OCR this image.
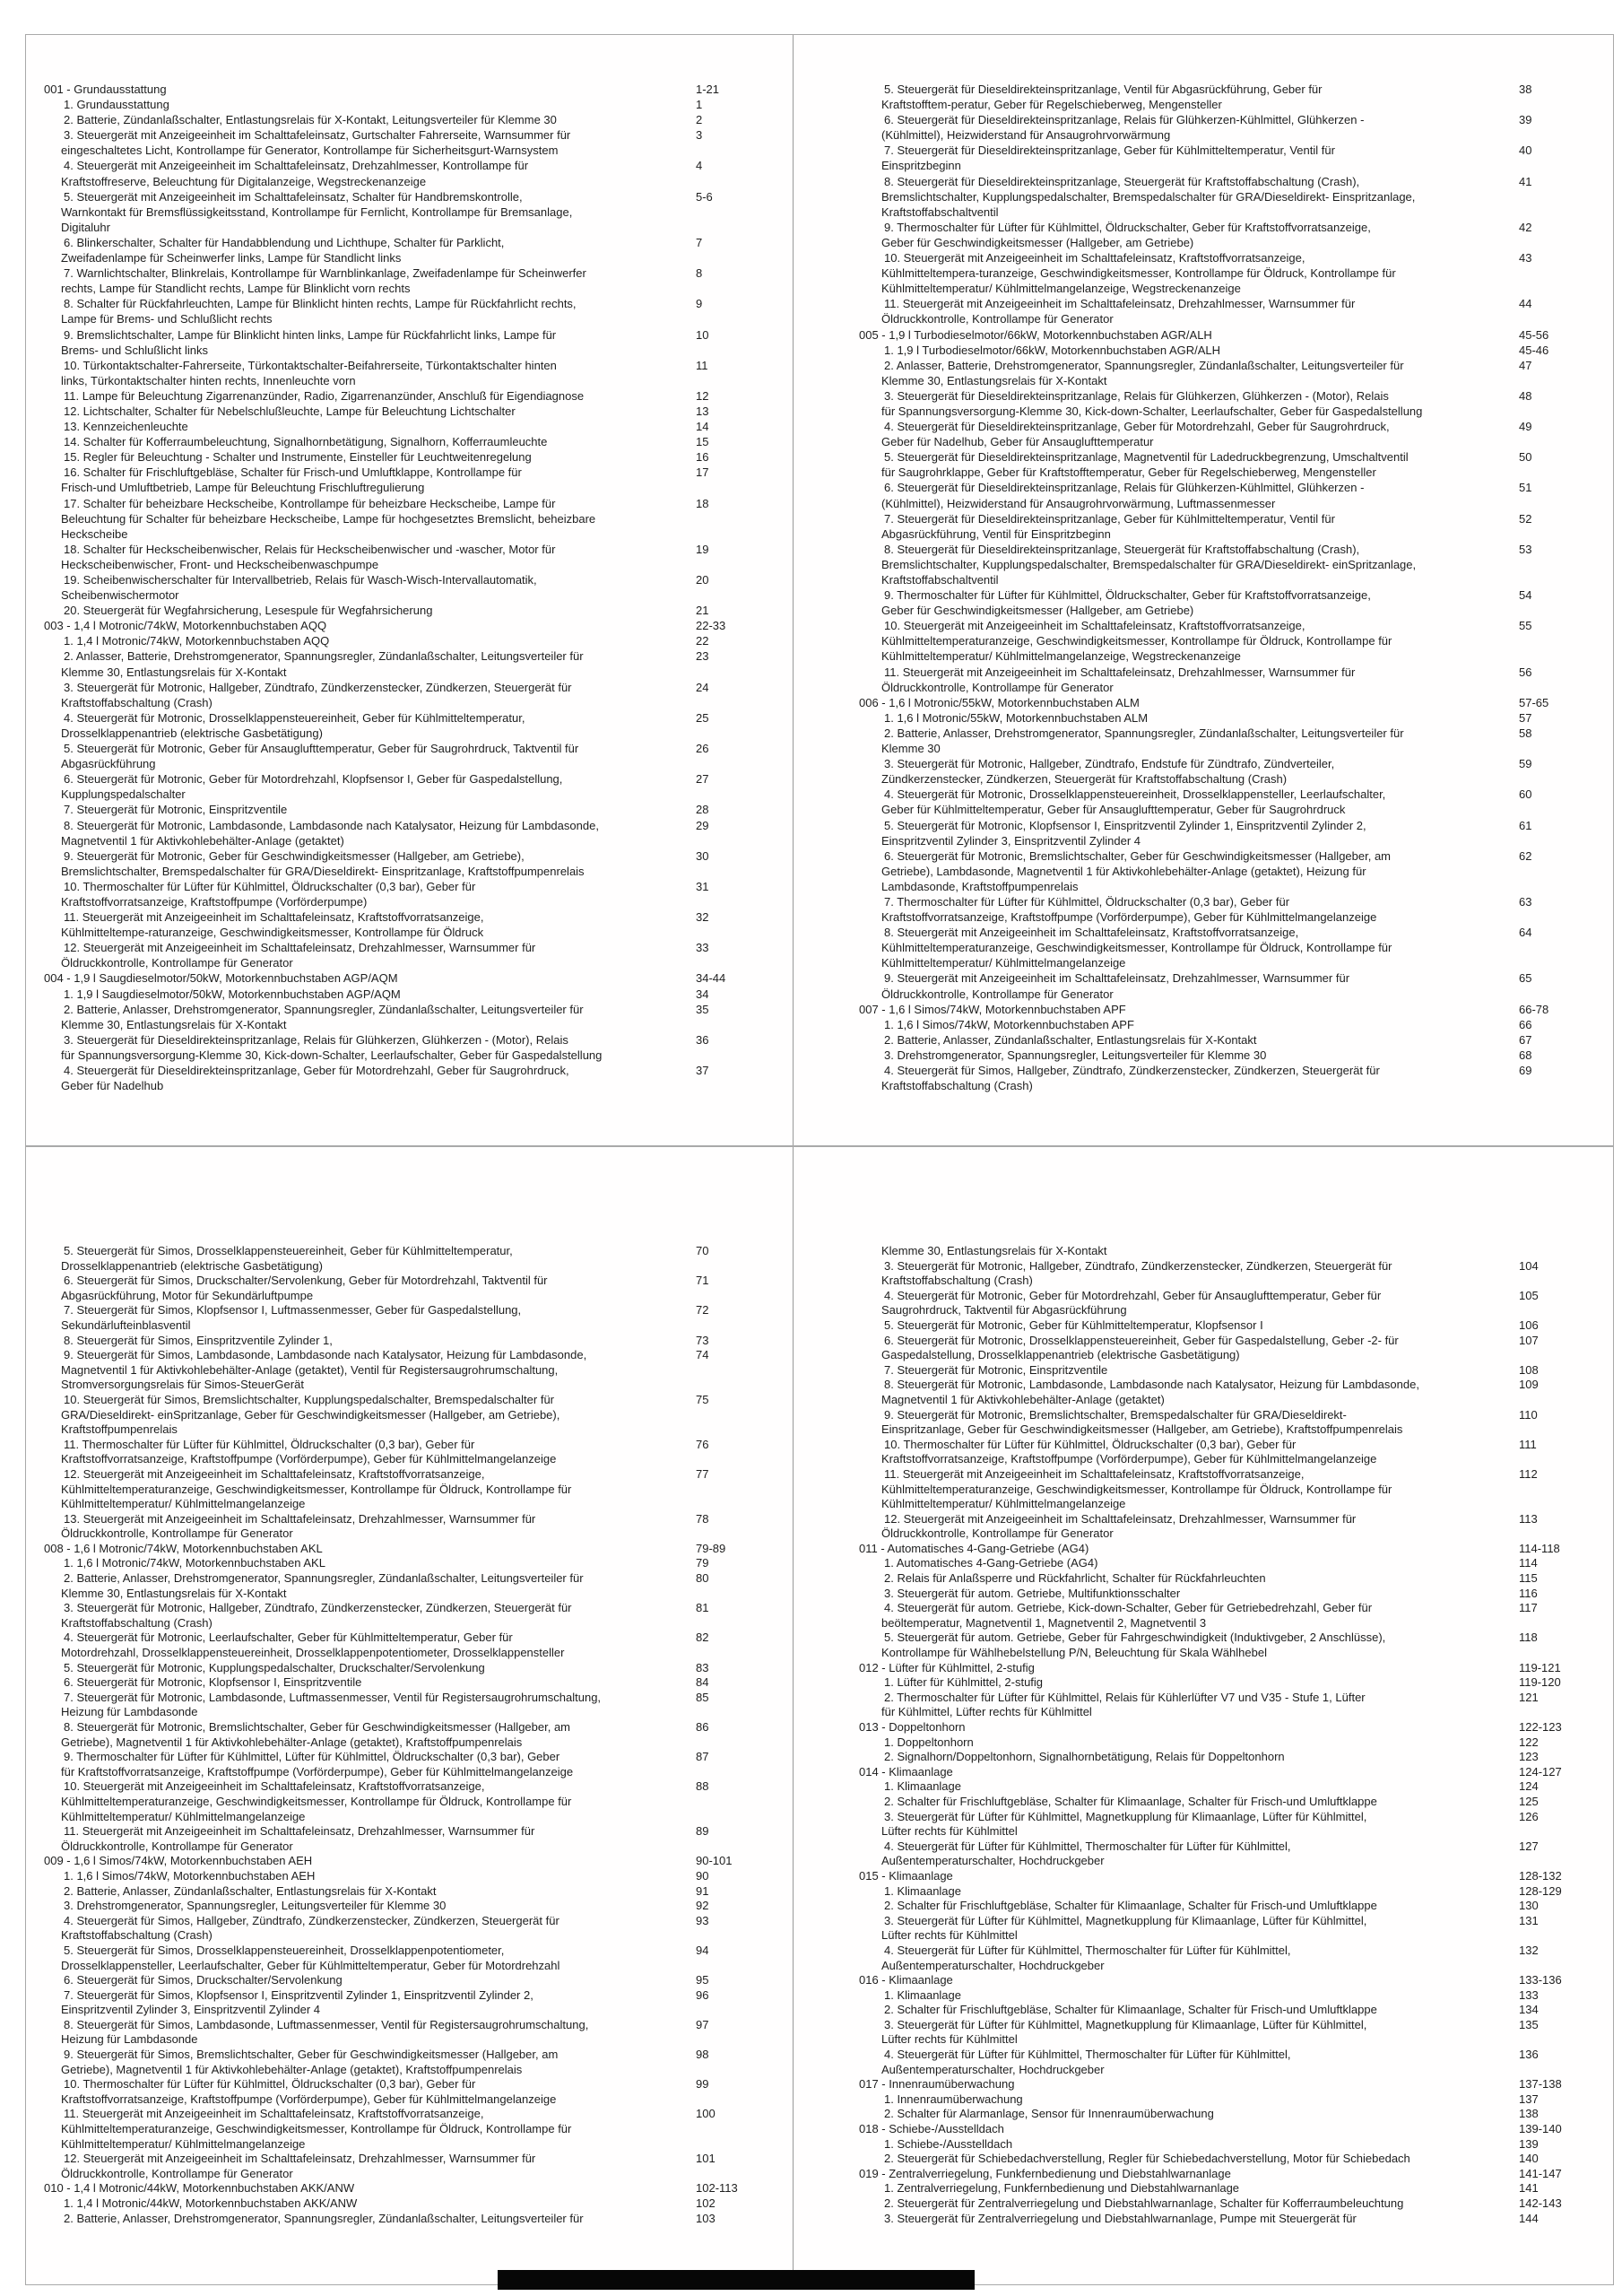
001 - Grundausstattung	1-21
1. Grundausstattung	1
2. Batterie, Zündanlaßschalter, Entlastungsrelais für X-Kontakt, Leitungsverteiler für Klemme 30	2
3. Steuergerät mit Anzeigeeinheit im Schalttafeleinsatz, Gurtschalter Fahrerseite, Warnsummer für	3
eingeschaltetes Licht, Kontrollampe für Generator, Kontrollampe für Sicherheitsgurt-Warnsystem
4. Steuergerät mit Anzeigeeinheit im Schalttafeleinsatz, Drehzahlmesser, Kontrollampe für	4
Kraftstoffreserve, Beleuchtung für Digitalanzeige, Wegstreckenanzeige
5. Steuergerät mit Anzeigeeinheit im Schalttafeleinsatz, Schalter für Handbremskontrolle,	5-6
Warnkontakt für Bremsflüssigkeitsstand, Kontrollampe für Fernlicht, Kontrollampe für Bremsanlage,
Digitaluhr
6. Blinkerschalter, Schalter für Handabblendung und Lichthupe, Schalter für Parklicht,	7
Zweifadenlampe für Scheinwerfer links, Lampe für Standlicht links
7. Warnlichtschalter, Blinkrelais, Kontrollampe für Warnblinkanlage, Zweifadenlampe für Scheinwerfer	8
rechts, Lampe für Standlicht rechts, Lampe für Blinklicht vorn rechts
8. Schalter für Rückfahrleuchten, Lampe für Blinklicht hinten rechts, Lampe für Rückfahrlicht rechts,	9
Lampe für Brems- und Schlußlicht rechts
9. Bremslichtschalter, Lampe für Blinklicht hinten links, Lampe für Rückfahrlicht links, Lampe für	10
Brems- und Schlußlicht links
10. Türkontaktschalter-Fahrerseite, Türkontaktschalter-Beifahrerseite, Türkontaktschalter hinten	11
links, Türkontaktschalter hinten rechts, Innenleuchte vorn
11. Lampe für Beleuchtung Zigarrenanzünder, Radio, Zigarrenanzünder, Anschluß für Eigendiagnose	12
12. Lichtschalter, Schalter für Nebelschlußleuchte, Lampe für Beleuchtung Lichtschalter	13
13. Kennzeichenleuchte	14
14. Schalter für Kofferraumbeleuchtung, Signalhornbetätigung, Signalhorn, Kofferraumleuchte	15
15. Regler für Beleuchtung - Schalter und Instrumente, Einsteller für Leuchtweitenregelung	16
16. Schalter für Frischluftgebläse, Schalter für Frisch-und Umluftklappe, Kontrollampe für	17
Frisch-und Umluftbetrieb, Lampe für Beleuchtung Frischluftregulierung
17. Schalter für beheizbare Heckscheibe, Kontrollampe für beheizbare Heckscheibe, Lampe für	18
Beleuchtung für Schalter für beheizbare Heckscheibe, Lampe für hochgesetztes Bremslicht, beheizbare
Heckscheibe
18. Schalter für Heckscheibenwischer, Relais für Heckscheibenwischer und -wascher, Motor für	19
Heckscheibenwischer, Front- und Heckscheibenwaschpumpe
19. Scheibenwischerschalter für Intervallbetrieb, Relais für Wasch-Wisch-Intervallautomatik,	20
Scheibenwischermotor
20. Steuergerät für Wegfahrsicherung, Lesespule für Wegfahrsicherung	21
003 - 1,4 l Motronic/74kW, Motorkennbuchstaben AQQ	22-33
1. 1,4 l Motronic/74kW, Motorkennbuchstaben AQQ	22
2. Anlasser, Batterie, Drehstromgenerator, Spannungsregler, Zündanlaßschalter, Leitungsverteiler für	23
Klemme 30, Entlastungsrelais für X-Kontakt
3. Steuergerät für Motronic, Hallgeber, Zündtrafo, Zündkerzenstecker, Zündkerzen, Steuergerät für	24
Kraftstoffabschaltung (Crash)
4. Steuergerät für Motronic, Drosselklappensteuereinheit, Geber für Kühlmitteltemperatur,	25
Drosselklappenantrieb (elektrische Gasbetätigung)
5. Steuergerät für Motronic, Geber für Ansauglufttemperatur, Geber für Saugrohrdruck, Taktventil für	26
Abgasrückführung
6. Steuergerät für Motronic, Geber für Motordrehzahl, Klopfsensor I, Geber für Gaspedalstellung,	27
Kupplungspedalschalter
7. Steuergerät für Motronic, Einspritzventile	28
8. Steuergerät für Motronic, Lambdasonde, Lambdasonde nach Katalysator, Heizung für Lambdasonde,	29
Magnetventil 1 für Aktivkohlebehälter-Anlage (getaktet)
9. Steuergerät für Motronic, Geber für Geschwindigkeitsmesser (Hallgeber, am Getriebe),	30
Bremslichtschalter, Bremspedalschalter für GRA/Dieseldirekt- Einspritzanlage, Kraftstoffpumpenrelais
10. Thermoschalter für Lüfter für Kühlmittel, Öldruckschalter (0,3 bar), Geber für	31
Kraftstoffvorratsanzeige, Kraftstoffpumpe (Vorförderpumpe)
11. Steuergerät mit Anzeigeeinheit im Schalttafeleinsatz, Kraftstoffvorratsanzeige,	32
Kühlmitteltempe-raturanzeige, Geschwindigkeitsmesser, Kontrollampe für Öldruck
12. Steuergerät mit Anzeigeeinheit im Schalttafeleinsatz, Drehzahlmesser, Warnsummer für	33
Öldruckkontrolle, Kontrollampe für Generator
004 - 1,9 l Saugdieselmotor/50kW, Motorkennbuchstaben AGP/AQM	34-44
1. 1,9 l Saugdieselmotor/50kW, Motorkennbuchstaben AGP/AQM	34
2. Batterie, Anlasser, Drehstromgenerator, Spannungsregler, Zündanlaßschalter, Leitungsverteiler für	35
Klemme 30, Entlastungsrelais für X-Kontakt
3. Steuergerät für Dieseldirekteinspritzanlage, Relais für Glühkerzen, Glühkerzen - (Motor), Relais	36
für Spannungsversorgung-Klemme 30, Kick-down-Schalter, Leerlaufschalter, Geber für Gaspedalstellung
4. Steuergerät für Dieseldirekteinspritzanlage, Geber für Motordrehzahl, Geber für Saugrohrdruck,	37
Geber für Nadelhub
5. Steuergerät für Dieseldirekteinspritzanlage, Ventil für Abgasrückführung, Geber für	38
Kraftstofftem-peratur, Geber für Regelschieberweg, Mengensteller
6. Steuergerät für Dieseldirekteinspritzanlage, Relais für Glühkerzen-Kühlmittel, Glühkerzen -	39
(Kühlmittel), Heizwiderstand für Ansaugrohrvorwärmung
7. Steuergerät für Dieseldirekteinspritzanlage, Geber für Kühlmitteltemperatur, Ventil für	40
Einspritzbeginn
8. Steuergerät für Dieseldirekteinspritzanlage, Steuergerät für Kraftstoffabschaltung (Crash),	41
Bremslichtschalter, Kupplungspedalschalter, Bremspedalschalter für GRA/Dieseldirekt- Einspritzanlage,
Kraftstoffabschaltventil
9. Thermoschalter für Lüfter für Kühlmittel, Öldruckschalter, Geber für Kraftstoffvorratsanzeige,	42
Geber für Geschwindigkeitsmesser (Hallgeber, am Getriebe)
10. Steuergerät mit Anzeigeeinheit im Schalttafeleinsatz, Kraftstoffvorratsanzeige,	43
Kühlmitteltempera-turanzeige, Geschwindigkeitsmesser, Kontrollampe für Öldruck, Kontrollampe für
Kühlmitteltemperatur/ Kühlmittelmangelanzeige, Wegstreckenanzeige
11. Steuergerät mit Anzeigeeinheit im Schalttafeleinsatz, Drehzahlmesser, Warnsummer für	44
Öldruckkontrolle, Kontrollampe für Generator
005 - 1,9 l Turbodieselmotor/66kW, Motorkennbuchstaben AGR/ALH	45-56
1. 1,9 l Turbodieselmotor/66kW, Motorkennbuchstaben AGR/ALH	45-46
2. Anlasser, Batterie, Drehstromgenerator, Spannungsregler, Zündanlaßschalter, Leitungsverteiler für	47
Klemme 30, Entlastungsrelais für X-Kontakt
3. Steuergerät für Dieseldirekteinspritzanlage, Relais für Glühkerzen, Glühkerzen - (Motor), Relais	48
für Spannungsversorgung-Klemme 30, Kick-down-Schalter, Leerlaufschalter, Geber für Gaspedalstellung
4. Steuergerät für Dieseldirekteinspritzanlage, Geber für Motordrehzahl, Geber für Saugrohrdruck,	49
Geber für Nadelhub, Geber für Ansauglufttemperatur
5. Steuergerät für Dieseldirekteinspritzanlage, Magnetventil für Ladedruckbegrenzung, Umschaltventil	50
für Saugrohrklappe, Geber für Kraftstofftemperatur, Geber für Regelschieberweg, Mengensteller
6. Steuergerät für Dieseldirekteinspritzanlage, Relais für Glühkerzen-Kühlmittel, Glühkerzen -	51
(Kühlmittel), Heizwiderstand für Ansaugrohrvorwärmung, Luftmassenmesser
7. Steuergerät für Dieseldirekteinspritzanlage, Geber für Kühlmitteltemperatur, Ventil für	52
Abgasrückführung, Ventil für Einspritzbeginn
8. Steuergerät für Dieseldirekteinspritzanlage, Steuergerät für Kraftstoffabschaltung (Crash),	53
Bremslichtschalter, Kupplungspedalschalter, Bremspedalschalter für GRA/Dieseldirekt- einSpritzanlage,
Kraftstoffabschaltventil
9. Thermoschalter für Lüfter für Kühlmittel, Öldruckschalter, Geber für Kraftstoffvorratsanzeige,	54
Geber für Geschwindigkeitsmesser (Hallgeber, am Getriebe)
10. Steuergerät mit Anzeigeeinheit im Schalttafeleinsatz, Kraftstoffvorratsanzeige,	55
Kühlmitteltemperaturanzeige, Geschwindigkeitsmesser, Kontrollampe für Öldruck, Kontrollampe für
Kühlmitteltemperatur/ Kühlmittelmangelanzeige, Wegstreckenanzeige
11. Steuergerät mit Anzeigeeinheit im Schalttafeleinsatz, Drehzahlmesser, Warnsummer für	56
Öldruckkontrolle, Kontrollampe für Generator
006 - 1,6 l Motronic/55kW, Motorkennbuchstaben ALM	57-65
1. 1,6 l Motronic/55kW, Motorkennbuchstaben ALM	57
2. Batterie, Anlasser, Drehstromgenerator, Spannungsregler, Zündanlaßschalter, Leitungsverteiler für	58
Klemme 30
3. Steuergerät für Motronic, Hallgeber, Zündtrafo, Endstufe für Zündtrafo, Zündverteiler,	59
Zündkerzenstecker, Zündkerzen, Steuergerät für Kraftstoffabschaltung (Crash)
4. Steuergerät für Motronic, Drosselklappensteuereinheit, Drosselklappensteller, Leerlaufschalter,	60
Geber für Kühlmitteltemperatur, Geber für Ansauglufttemperatur, Geber für Saugrohrdruck
5. Steuergerät für Motronic, Klopfsensor I, Einspritzventil Zylinder 1, Einspritzventil Zylinder 2,	61
Einspritzventil Zylinder 3, Einspritzventil Zylinder 4
6. Steuergerät für Motronic, Bremslichtschalter, Geber für Geschwindigkeitsmesser (Hallgeber, am	62
Getriebe), Lambdasonde, Magnetventil 1 für Aktivkohlebehälter-Anlage (getaktet), Heizung für
Lambdasonde, Kraftstoffpumpenrelais
7. Thermoschalter für Lüfter für Kühlmittel, Öldruckschalter (0,3 bar), Geber für	63
Kraftstoffvorratsanzeige, Kraftstoffpumpe (Vorförderpumpe), Geber für Kühlmittelmangelanzeige
8. Steuergerät mit Anzeigeeinheit im Schalttafeleinsatz, Kraftstoffvorratsanzeige,	64
Kühlmitteltemperaturanzeige, Geschwindigkeitsmesser, Kontrollampe für Öldruck, Kontrollampe für
Kühlmitteltemperatur/ Kühlmittelmangelanzeige
9. Steuergerät mit Anzeigeeinheit im Schalttafeleinsatz, Drehzahlmesser, Warnsummer für	65
Öldruckkontrolle, Kontrollampe für Generator
007 - 1,6 l Simos/74kW, Motorkennbuchstaben APF	66-78
1. 1,6 l Simos/74kW, Motorkennbuchstaben APF	66
2. Batterie, Anlasser, Zündanlaßschalter, Entlastungsrelais für X-Kontakt	67
3. Drehstromgenerator, Spannungsregler, Leitungsverteiler für Klemme 30	68
4. Steuergerät für Simos, Hallgeber, Zündtrafo, Zündkerzenstecker, Zündkerzen, Steuergerät für	69
Kraftstoffabschaltung (Crash)
5. Steuergerät für Simos, Drosselklappensteuereinheit, Geber für Kühlmitteltemperatur,	70
Drosselklappenantrieb (elektrische Gasbetätigung)
6. Steuergerät für Simos, Druckschalter/Servolenkung, Geber für Motordrehzahl, Taktventil für	71
Abgasrückführung, Motor für Sekundärluftpumpe
7. Steuergerät für Simos, Klopfsensor I, Luftmassenmesser, Geber für Gaspedalstellung,	72
Sekundärlufteinblasventil
8. Steuergerät für Simos, Einspritzventile Zylinder 1,	73
9. Steuergerät für Simos, Lambdasonde, Lambdasonde nach Katalysator, Heizung für Lambdasonde,	74
Magnetventil 1 für Aktivkohlebehälter-Anlage (getaktet), Ventil für Registersaugrohrumschaltung,
Stromversorgungsrelais für Simos-SteuerGerät
10. Steuergerät für Simos, Bremslichtschalter, Kupplungspedalschalter, Bremspedalschalter für	75
GRA/Dieseldirekt- einSpritzanlage, Geber für Geschwindigkeitsmesser (Hallgeber, am Getriebe),
Kraftstoffpumpenrelais
11. Thermoschalter für Lüfter für Kühlmittel, Öldruckschalter (0,3 bar), Geber für	76
Kraftstoffvorratsanzeige, Kraftstoffpumpe (Vorförderpumpe), Geber für Kühlmittelmangelanzeige
12. Steuergerät mit Anzeigeeinheit im Schalttafeleinsatz, Kraftstoffvorratsanzeige,	77
Kühlmitteltemperaturanzeige, Geschwindigkeitsmesser, Kontrollampe für Öldruck, Kontrollampe für
Kühlmitteltemperatur/ Kühlmittelmangelanzeige
13. Steuergerät mit Anzeigeeinheit im Schalttafeleinsatz, Drehzahlmesser, Warnsummer für	78
Öldruckkontrolle, Kontrollampe für Generator
008 - 1,6 l Motronic/74kW, Motorkennbuchstaben AKL	79-89
1. 1,6 l Motronic/74kW, Motorkennbuchstaben AKL	79
2. Batterie, Anlasser, Drehstromgenerator, Spannungsregler, Zündanlaßschalter, Leitungsverteiler für	80
Klemme 30, Entlastungsrelais für X-Kontakt
3. Steuergerät für Motronic, Hallgeber, Zündtrafo, Zündkerzenstecker, Zündkerzen, Steuergerät für	81
Kraftstoffabschaltung (Crash)
4. Steuergerät für Motronic, Leerlaufschalter, Geber für Kühlmitteltemperatur, Geber für	82
Motordrehzahl, Drosselklappensteuereinheit, Drosselklappenpotentiometer, Drosselklappensteller
5. Steuergerät für Motronic, Kupplungspedalschalter, Druckschalter/Servolenkung	83
6. Steuergerät für Motronic, Klopfsensor I, Einspritzventile	84
7. Steuergerät für Motronic, Lambdasonde, Luftmassenmesser, Ventil für Registersaugrohrumschaltung,	85
Heizung für Lambdasonde
8. Steuergerät für Motronic, Bremslichtschalter, Geber für Geschwindigkeitsmesser (Hallgeber, am	86
Getriebe), Magnetventil 1 für Aktivkohlebehälter-Anlage (getaktet), Kraftstoffpumpenrelais
9. Thermoschalter für Lüfter für Kühlmittel, Lüfter für Kühlmittel, Öldruckschalter (0,3 bar), Geber	87
für Kraftstoffvorratsanzeige, Kraftstoffpumpe (Vorförderpumpe), Geber für Kühlmittelmangelanzeige
10. Steuergerät mit Anzeigeeinheit im Schalttafeleinsatz, Kraftstoffvorratsanzeige,	88
Kühlmitteltemperaturanzeige, Geschwindigkeitsmesser, Kontrollampe für Öldruck, Kontrollampe für
Kühlmitteltemperatur/ Kühlmittelmangelanzeige
11. Steuergerät mit Anzeigeeinheit im Schalttafeleinsatz, Drehzahlmesser, Warnsummer für	89
Öldruckkontrolle, Kontrollampe für Generator
009 - 1,6 l Simos/74kW, Motorkennbuchstaben AEH	90-101
1. 1,6 l Simos/74kW, Motorkennbuchstaben AEH	90
2. Batterie, Anlasser, Zündanlaßschalter, Entlastungsrelais für X-Kontakt	91
3. Drehstromgenerator, Spannungsregler, Leitungsverteiler für Klemme 30	92
4. Steuergerät für Simos, Hallgeber, Zündtrafo, Zündkerzenstecker, Zündkerzen, Steuergerät für	93
Kraftstoffabschaltung (Crash)
5. Steuergerät für Simos, Drosselklappensteuereinheit, Drosselklappenpotentiometer,	94
Drosselklappensteller, Leerlaufschalter, Geber für Kühlmitteltemperatur, Geber für Motordrehzahl
6. Steuergerät für Simos, Druckschalter/Servolenkung	95
7. Steuergerät für Simos, Klopfsensor I, Einspritzventil Zylinder 1, Einspritzventil Zylinder 2,	96
Einspritzventil Zylinder 3, Einspritzventil Zylinder 4
8. Steuergerät für Simos, Lambdasonde, Luftmassenmesser, Ventil für Registersaugrohrumschaltung,	97
Heizung für Lambdasonde
9. Steuergerät für Simos, Bremslichtschalter, Geber für Geschwindigkeitsmesser (Hallgeber, am	98
Getriebe), Magnetventil 1 für Aktivkohlebehälter-Anlage (getaktet), Kraftstoffpumpenrelais
10. Thermoschalter für Lüfter für Kühlmittel, Öldruckschalter (0,3 bar), Geber für	99
Kraftstoffvorratsanzeige, Kraftstoffpumpe (Vorförderpumpe), Geber für Kühlmittelmangelanzeige
11. Steuergerät mit Anzeigeeinheit im Schalttafeleinsatz, Kraftstoffvorratsanzeige,	100
Kühlmitteltemperaturanzeige, Geschwindigkeitsmesser, Kontrollampe für Öldruck, Kontrollampe für
Kühlmitteltemperatur/ Kühlmittelmangelanzeige
12. Steuergerät mit Anzeigeeinheit im Schalttafeleinsatz, Drehzahlmesser, Warnsummer für	101
Öldruckkontrolle, Kontrollampe für Generator
010 - 1,4 l Motronic/44kW, Motorkennbuchstaben AKK/ANW	102-113
1. 1,4 l Motronic/44kW, Motorkennbuchstaben AKK/ANW	102
2. Batterie, Anlasser, Drehstromgenerator, Spannungsregler, Zündanlaßschalter, Leitungsverteiler für	103
Klemme 30, Entlastungsrelais für X-Kontakt
3. Steuergerät für Motronic, Hallgeber, Zündtrafo, Zündkerzenstecker, Zündkerzen, Steuergerät für	104
Kraftstoffabschaltung (Crash)
4. Steuergerät für Motronic, Geber für Motordrehzahl, Geber für Ansauglufttemperatur, Geber für	105
Saugrohrdruck, Taktventil für Abgasrückführung
5. Steuergerät für Motronic, Geber für Kühlmitteltemperatur, Klopfsensor I	106
6. Steuergerät für Motronic, Drosselklappensteuereinheit, Geber für Gaspedalstellung, Geber -2- für	107
Gaspedalstellung, Drosselklappenantrieb (elektrische Gasbetätigung)
7. Steuergerät für Motronic, Einspritzventile	108
8. Steuergerät für Motronic, Lambdasonde, Lambdasonde nach Katalysator, Heizung für Lambdasonde,	109
Magnetventil 1 für Aktivkohlebehälter-Anlage (getaktet)
9. Steuergerät für Motronic, Bremslichtschalter, Bremspedalschalter für GRA/Dieseldirekt-	110
Einspritzanlage, Geber für Geschwindigkeitsmesser (Hallgeber, am Getriebe), Kraftstoffpumpenrelais
10. Thermoschalter für Lüfter für Kühlmittel, Öldruckschalter (0,3 bar), Geber für	111
Kraftstoffvorratsanzeige, Kraftstoffpumpe (Vorförderpumpe), Geber für Kühlmittelmangelanzeige
11. Steuergerät mit Anzeigeeinheit im Schalttafeleinsatz, Kraftstoffvorratsanzeige,	112
Kühlmitteltemperaturanzeige, Geschwindigkeitsmesser, Kontrollampe für Öldruck, Kontrollampe für
Kühlmitteltemperatur/ Kühlmittelmangelanzeige
12. Steuergerät mit Anzeigeeinheit im Schalttafeleinsatz, Drehzahlmesser, Warnsummer für	113
Öldruckkontrolle, Kontrollampe für Generator
011 - Automatisches 4-Gang-Getriebe (AG4)	114-118
1. Automatisches 4-Gang-Getriebe (AG4)	114
2. Relais für Anlaßsperre und Rückfahrlicht, Schalter für Rückfahrleuchten	115
3. Steuergerät für autom. Getriebe, Multifunktionsschalter	116
4. Steuergerät für autom. Getriebe, Kick-down-Schalter, Geber für Getriebedrehzahl, Geber für	117
beöltemperatur, Magnetventil 1, Magnetventil 2, Magnetventil 3
5. Steuergerät für autom. Getriebe, Geber für Fahrgeschwindigkeit (Induktivgeber, 2 Anschlüsse),	118
Kontrollampe für Wählhebelstellung P/N, Beleuchtung für Skala Wählhebel
012 - Lüfter für Kühlmittel, 2-stufig	119-121
1. Lüfter für Kühlmittel, 2-stufig	119-120
2. Thermoschalter für Lüfter für Kühlmittel, Relais für Kühlerlüfter V7 und V35 - Stufe 1, Lüfter	121
für Kühlmittel, Lüfter rechts für Kühlmittel
013 - Doppeltonhorn	122-123
1. Doppeltonhorn	122
2. Signalhorn/Doppeltonhorn, Signalhornbetätigung, Relais für Doppeltonhorn	123
014 - Klimaanlage	124-127
1. Klimaanlage	124
2. Schalter für Frischluftgebläse, Schalter für Klimaanlage, Schalter für Frisch-und Umluftklappe	125
3. Steuergerät für Lüfter für Kühlmittel, Magnetkupplung für Klimaanlage, Lüfter für Kühlmittel,	126
Lüfter rechts für Kühlmittel
4. Steuergerät für Lüfter für Kühlmittel, Thermoschalter für Lüfter für Kühlmittel,	127
Außentemperaturschalter, Hochdruckgeber
015 - Klimaanlage	128-132
1. Klimaanlage	128-129
2. Schalter für Frischluftgebläse, Schalter für Klimaanlage, Schalter für Frisch-und Umluftklappe	130
3. Steuergerät für Lüfter für Kühlmittel, Magnetkupplung für Klimaanlage, Lüfter für Kühlmittel,	131
Lüfter rechts für Kühlmittel
4. Steuergerät für Lüfter für Kühlmittel, Thermoschalter für Lüfter für Kühlmittel,	132
Außentemperaturschalter, Hochdruckgeber
016 - Klimaanlage	133-136
1. Klimaanlage	133
2. Schalter für Frischluftgebläse, Schalter für Klimaanlage, Schalter für Frisch-und Umluftklappe	134
3. Steuergerät für Lüfter für Kühlmittel, Magnetkupplung für Klimaanlage, Lüfter für Kühlmittel,	135
Lüfter rechts für Kühlmittel
4. Steuergerät für Lüfter für Kühlmittel, Thermoschalter für Lüfter für Kühlmittel,	136
Außentemperaturschalter, Hochdruckgeber
017 - Innenraumüberwachung	137-138
1. Innenraumüberwachung	137
2. Schalter für Alarmanlage, Sensor für Innenraumüberwachung	138
018 - Schiebe-/Ausstelldach	139-140
1. Schiebe-/Ausstelldach	139
2. Steuergerät für Schiebedachverstellung, Regler für Schiebedachverstellung, Motor für Schiebedach	140
019 - Zentralverriegelung, Funkfernbedienung und Diebstahlwarnanlage	141-147
1. Zentralverriegelung, Funkfernbedienung und Diebstahlwarnanlage	141
2. Steuergerät für Zentralverriegelung und Diebstahlwarnanlage, Schalter für Kofferraumbeleuchtung	142-143
3. Steuergerät für Zentralverriegelung und Diebstahlwarnanlage, Pumpe mit Steuergerät für	144
